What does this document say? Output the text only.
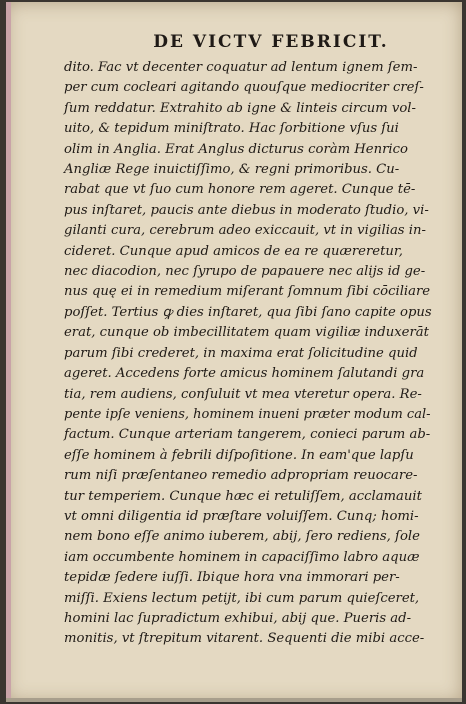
DE VICTV FEBRICIT.
dito. Fac vt decenter coquatur ad lentum ignem ſem-
per cum cocleari agitando quouſque mediocriter creſ-
ſum reddatur. Extrahito ab igne & linteis circum vol-
uito, & tepidum miniſtrato. Hac ſorbitione vſus ſui
olim in Anglia. Erat Anglus dicturus coràm Henrico
Angliæ Rege inuictiſſimo, & regni primoribus. Cu-
rabat que vt ſuo cum honore rem ageret. Cunque tē-
pus inſtaret, paucis ante diebus in moderato ſtudio, vi-
gilanti cura, cerebrum adeo exiccauit, vt in vigilias in-
cideret. Cunque apud amicos de ea re quæreretur,
nec diacodion, nec ſyrupo de papauere nec alijs id ge-
nus quę ei in remedium miſerant ſomnum ſibi cōciliare
poſſet. Tertius ꝙ dies inſtaret, qua ſibi ſano capite opus
erat, cunque ob imbecillitatem quam vigiliæ induxerāt
parum ſibi crederet, in maxima erat ſolicitudine quid
ageret. Accedens forte amicus hominem ſalutandi gra
tia, rem audiens, conſuluit vt mea vteretur opera. Re-
pente ipſe veniens, hominem inueni præter modum cal-
factum. Cunque arteriam tangerem, conieci parum ab-
eſſe hominem à febrili diſpoſitione. In eam'que lapſu
rum niſi præſentaneo remedio adpropriam reuocare-
tur temperiem. Cunque hæc ei retuliſſem, acclamauit
vt omni diligentia id præſtare voluiſſem. Cunq; homi-
nem bono eſſe animo iuberem, abij, ſero rediens, ſole
iam occumbente hominem in capaciſſimo labro aquæ
tepidæ ſedere iuſſi. Ibique hora vna immorari per-
miſſi. Exiens lectum petijt, ibi cum parum quieſceret,
homini lac ſupradictum exhibui, abij que. Pueris ad-
monitis, vt ſtrepitum vitarent. Sequenti die mibi acce-
